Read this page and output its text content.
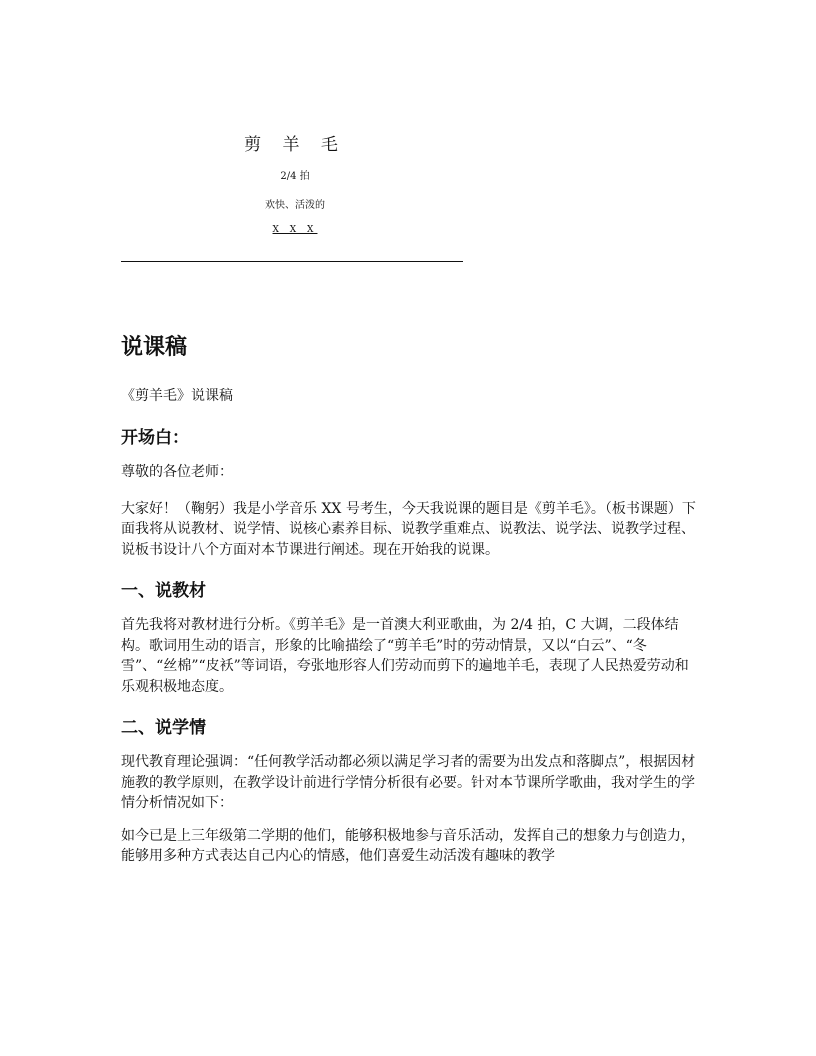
剪 羊 毛

2/4 拍

欢快、活泼的

X X X

说课稿

《剪羊毛》说课稿

开场白：

尊敬的各位老师：

大家好！（鞠躬）我是小学音乐 XX 号考生，今天我说课的题目是《剪羊毛》。（板书课题）下面我将从说教材、说学情、说核心素养目标、说教学重难点、说教法、说学法、说教学过程、说板书设计八个方面对本节课进行阐述。现在开始我的说课。

一、说教材

首先我将对教材进行分析。《剪羊毛》是一首澳大利亚歌曲，为 2/4 拍，C 大调，二段体结构。歌词用生动的语言，形象的比喻描绘了“剪羊毛”时的劳动情景，又以“白云”、“冬雪”、“丝棉”“皮袄”等词语，夸张地形容人们劳动而剪下的遍地羊毛，表现了人民热爱劳动和乐观积极地态度。

二、说学情

现代教育理论强调：“任何教学活动都必须以满足学习者的需要为出发点和落脚点”，根据因材施教的教学原则，在教学设计前进行学情分析很有必要。针对本节课所学歌曲，我对学生的学情分析情况如下：

如今已是上三年级第二学期的他们，能够积极地参与音乐活动，发挥自己的想象力与创造力，能够用多种方式表达自己内心的情感，他们喜爱生动活泼有趣味的教学
